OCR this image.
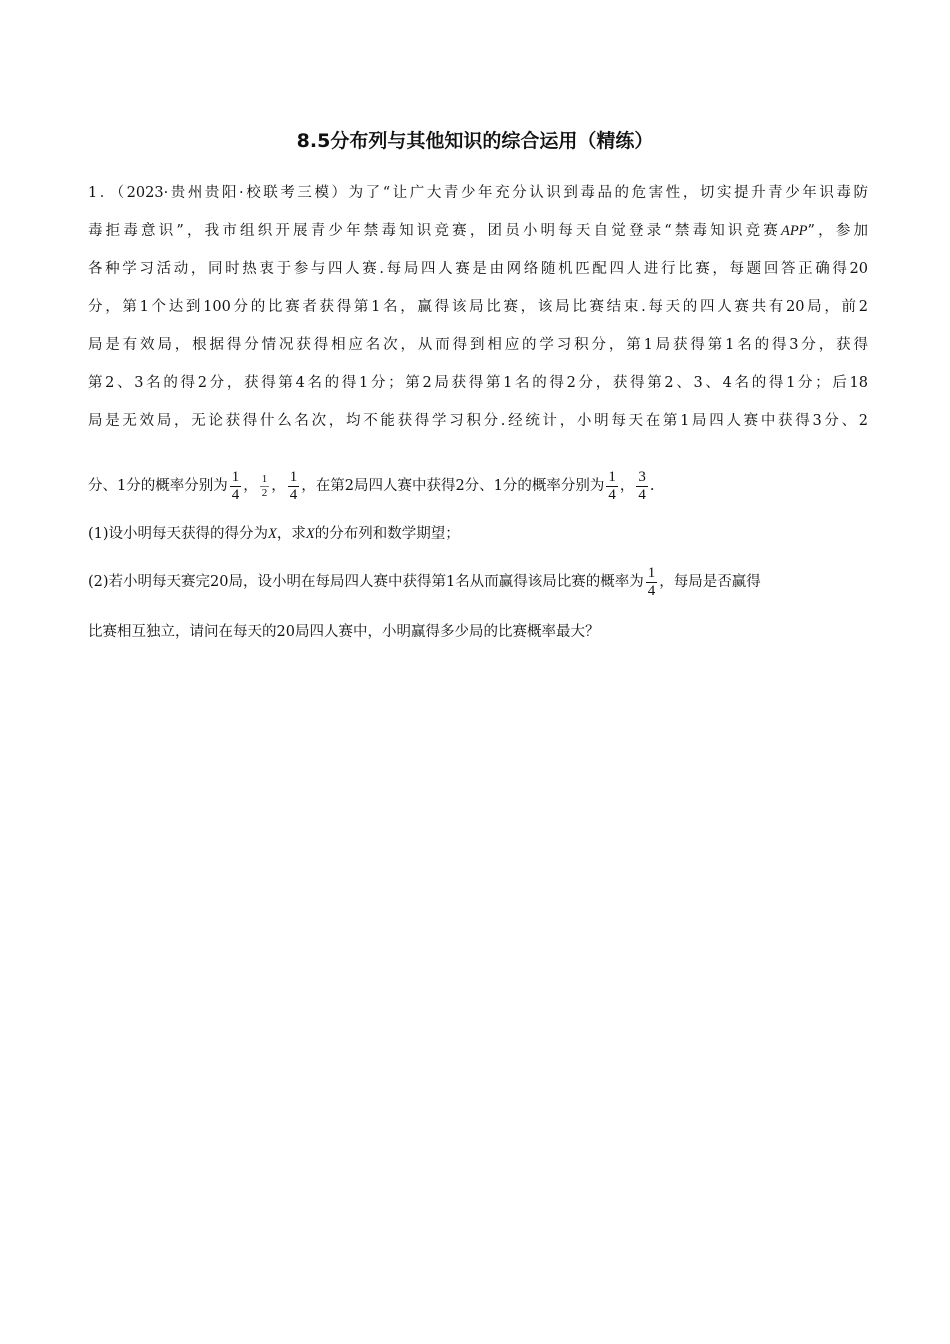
8.5分布列与其他知识的综合运用（精练）
1．（2023·贵州贵阳·校联考三模）为了“让广大青少年充分认识到毒品的危害性，切实提升青少年识毒防
毒拒毒意识”，我市组织开展青少年禁毒知识竞赛，团员小明每天自觉登录“禁毒知识竞赛APP”，参加
各种学习活动，同时热衷于参与四人赛.每局四人赛是由网络随机匹配四人进行比赛，每题回答正确得20
分，第1个达到100分的比赛者获得第1名，赢得该局比赛，该局比赛结束.每天的四人赛共有20局，前2
局是有效局，根据得分情况获得相应名次，从而得到相应的学习积分，第1局获得第1名的得3分，获得
第2、3名的得2分，获得第4名的得1分；第2局获得第1名的得2分，获得第2、3、4名的得1分；后18
局是无效局，无论获得什么名次，均不能获得学习积分.经统计，小明每天在第1局四人赛中获得3分、2
分、1分的概率分别为 $\frac{1}{4}$ ， $\frac{1}{2}$ ， $\frac{1}{4}$ ，在第2局四人赛中获得2分、1分的概率分别为 $\frac{1}{4}$ ， $\frac{3}{4}$ .
(1)设小明每天获得的得分为X，求X的分布列和数学期望；
(2)若小明每天赛完20局，设小明在每局四人赛中获得第1名从而赢得该局比赛的概率为 $\frac{1}{4}$ ，每局是否赢得
比赛相互独立，请问在每天的20局四人赛中，小明赢得多少局的比赛概率最大？
